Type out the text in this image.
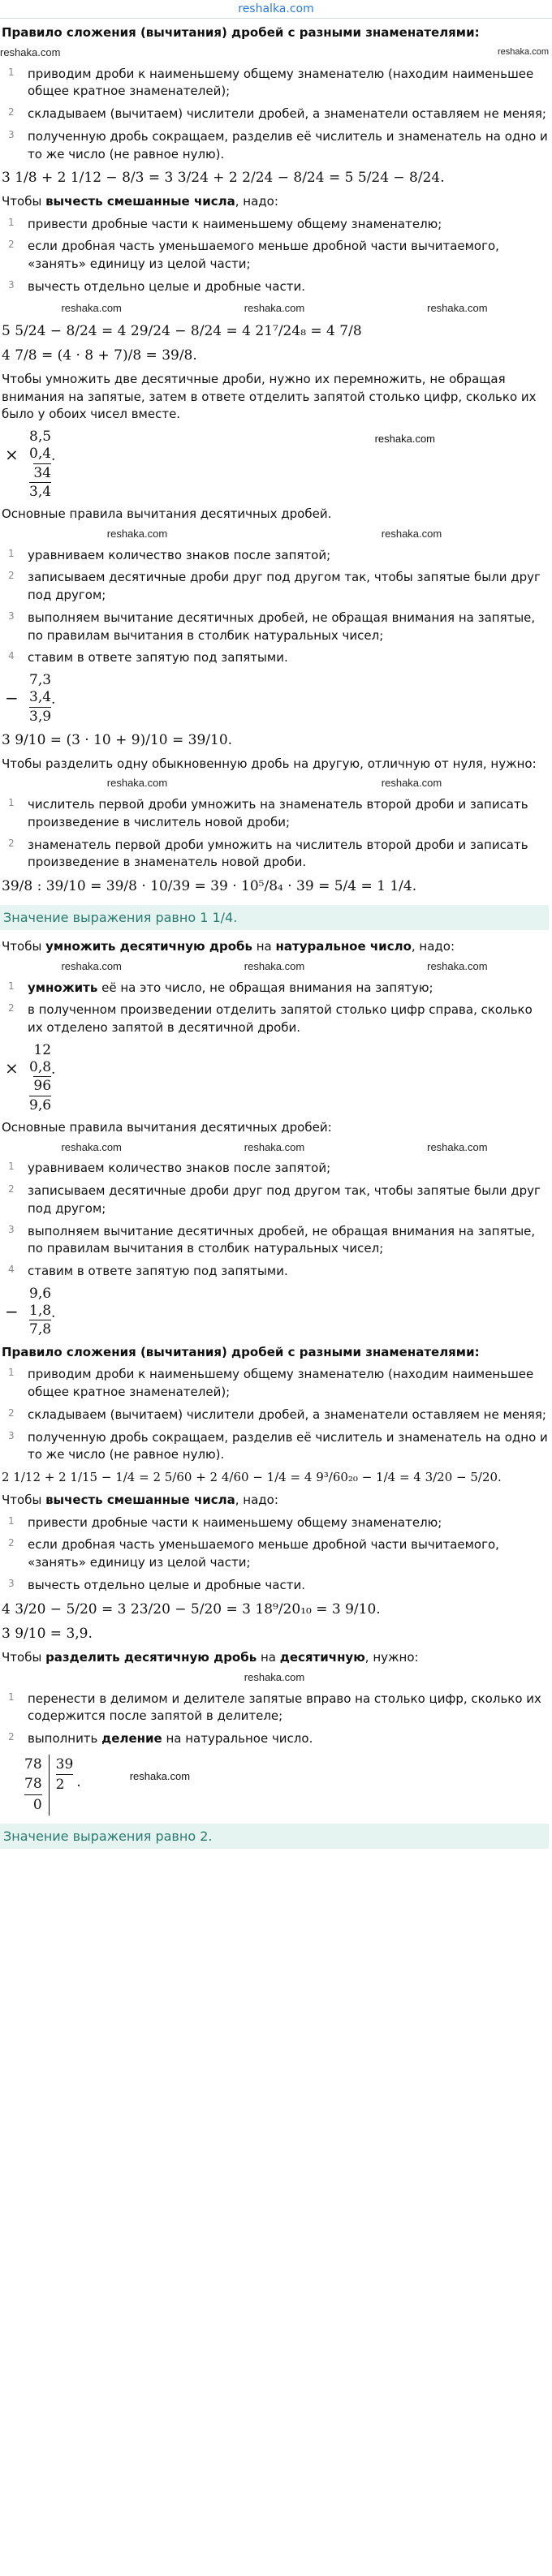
reshalka.com
Правило сложения (вычитания) дробей с разными знаменателями:
reshaka.com	reshaka.com
1 приводим дроби к наименьшему общему знаменателю (находим наименьшее общее кратное знаменателей);
2 складываем (вычитаем) числители дробей, а знаменатели оставляем не меняя;
3 полученную дробь сокращаем, разделив её числитель и знаменатель на одно и то же число (не равное нулю).
3 1/8 + 2 1/12 − 8/3 = 3 3/24 + 2 2/24 − 8/24 = 5 5/24 − 8/24.
Чтобы вычесть смешанные числа, надо:
1 привести дробные части к наименьшему общему знаменателю;
2 если дробная часть уменьшаемого меньше дробной части вычитаемого, «занять» единицу из целой части;
3 вычесть отдельно целые и дробные части.
reshaka.com	reshaka.com	reshaka.com
5 5/24 − 8/24 = 4 29/24 − 8/24 = 4 21⁷/24₈ = 4 7/8
4 7/8 = (4 · 8 + 7)/8 = 39/8.
Чтобы умножить две десятичные дроби, нужно их перемножить, не обращая внимания на запятые, затем в ответе отделить запятой столько цифр, сколько их было у обоих чисел вместе.
×
8,5
0,4
34
3,4
.
reshaka.com
Основные правила вычитания десятичных дробей.
reshaka.com	reshaka.com
1 уравниваем количество знаков после запятой;
2 записываем десятичные дроби друг под другом так, чтобы запятые были друг под другом;
3 выполняем вычитание десятичных дробей, не обращая внимания на запятые, по правилам вычитания в столбик натуральных чисел;
4 ставим в ответе запятую под запятыми.
−
7,3
3,4
3,9
.
3 9/10 = (3 · 10 + 9)/10 = 39/10.
Чтобы разделить одну обыкновенную дробь на другую, отличную от нуля, нужно:
reshaka.com	reshaka.com
1 числитель первой дроби умножить на знаменатель второй дроби и записать произведение в числитель новой дроби;
2 знаменатель первой дроби умножить на числитель второй дроби и записать произведение в знаменатель новой дроби.
39/8 : 39/10 = 39/8 · 10/39 = 39 · 10⁵/8₄ · 39 = 5/4 = 1 1/4.
Значение выражения равно 1 1/4.
Чтобы умножить десятичную дробь на натуральное число, надо:
reshaka.com	reshaka.com	reshaka.com
1 умножить её на это число, не обращая внимания на запятую;
2 в полученном произведении отделить запятой столько цифр справа, сколько их отделено запятой в десятичной дроби.
×
12
0,8
96
9,6
.
Основные правила вычитания десятичных дробей:
reshaka.com	reshaka.com	reshaka.com
1 уравниваем количество знаков после запятой;
2 записываем десятичные дроби друг под другом так, чтобы запятые были друг под другом;
3 выполняем вычитание десятичных дробей, не обращая внимания на запятые, по правилам вычитания в столбик натуральных чисел;
4 ставим в ответе запятую под запятыми.
−
9,6
1,8
7,8
.
Правило сложения (вычитания) дробей с разными знаменателями:
1 приводим дроби к наименьшему общему знаменателю (находим наименьшее общее кратное знаменателей);
2 складываем (вычитаем) числители дробей, а знаменатели оставляем не меняя;
3 полученную дробь сокращаем, разделив её числитель и знаменатель на одно и то же число (не равное нулю).
2 1/12 + 2 1/15 − 1/4 = 2 5/60 + 2 4/60 − 1/4 = 4 9³/60₂₀ − 1/4 = 4 3/20 − 5/20.
Чтобы вычесть смешанные числа, надо:
1 привести дробные части к наименьшему общему знаменателю;
2 если дробная часть уменьшаемого меньше дробной части вычитаемого, «занять» единицу из целой части;
3 вычесть отдельно целые и дробные части.
4 3/20 − 5/20 = 3 23/20 − 5/20 = 3 18⁹/20₁₀ = 3 9/10.
3 9/10 = 3,9.
Чтобы разделить десятичную дробь на десятичную, нужно:
reshaka.com
1 перенести в делимом и делителе запятые вправо на столько цифр, сколько их содержится после запятой в делителе;
2 выполнить деление на натуральное число.
78
78
0
39
2 .	reshaka.com
Значение выражения равно 2.
